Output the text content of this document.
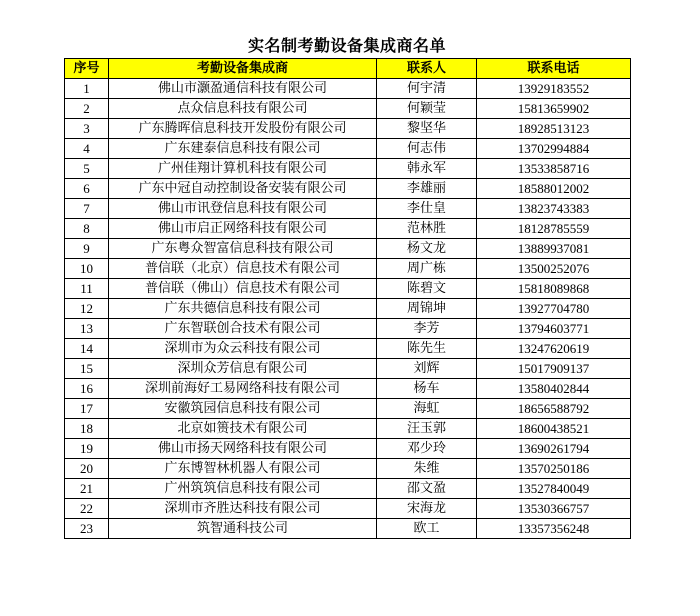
实名制考勤设备集成商名单
序号	考勤设备集成商	联系人	联系电话
1	佛山市灏盈通信科技有限公司	何宇清	13929183552
2	点众信息科技有限公司	何颖莹	15813659902
3	广东腾晖信息科技开发股份有限公司	黎坚华	18928513123
4	广东建泰信息科技有限公司	何志伟	13702994884
5	广州佳翔计算机科技有限公司	韩永军	13533858716
6	广东中冠自动控制设备安装有限公司	李雄丽	18588012002
7	佛山市讯登信息科技有限公司	李仕皇	13823743383
8	佛山市启正网络科技有限公司	范林胜	18128785559
9	广东粤众智富信息科技有限公司	杨文龙	13889937081
10	普信联（北京）信息技术有限公司	周广栋	13500252076
11	普信联（佛山）信息技术有限公司	陈碧文	15818089868
12	广东共德信息科技有限公司	周锦坤	13927704780
13	广东智联创合技术有限公司	李芳	13794603771
14	深圳市为众云科技有限公司	陈先生	13247620619
15	深圳众芳信息有限公司	刘辉	15017909137
16	深圳前海好工易网络科技有限公司	杨车	13580402844
17	安徽筑园信息科技有限公司	海虹	18656588792
18	北京如篑技术有限公司	汪玉郭	18600438521
19	佛山市扬天网络科技有限公司	邓少玲	13690261794
20	广东博智林机器人有限公司	朱维	13570250186
21	广州筑筑信息科技有限公司	邵文盈	13527840049
22	深圳市齐胜达科技有限公司	宋海龙	13530366757
23	筑智通科技公司	欧工	13357356248
